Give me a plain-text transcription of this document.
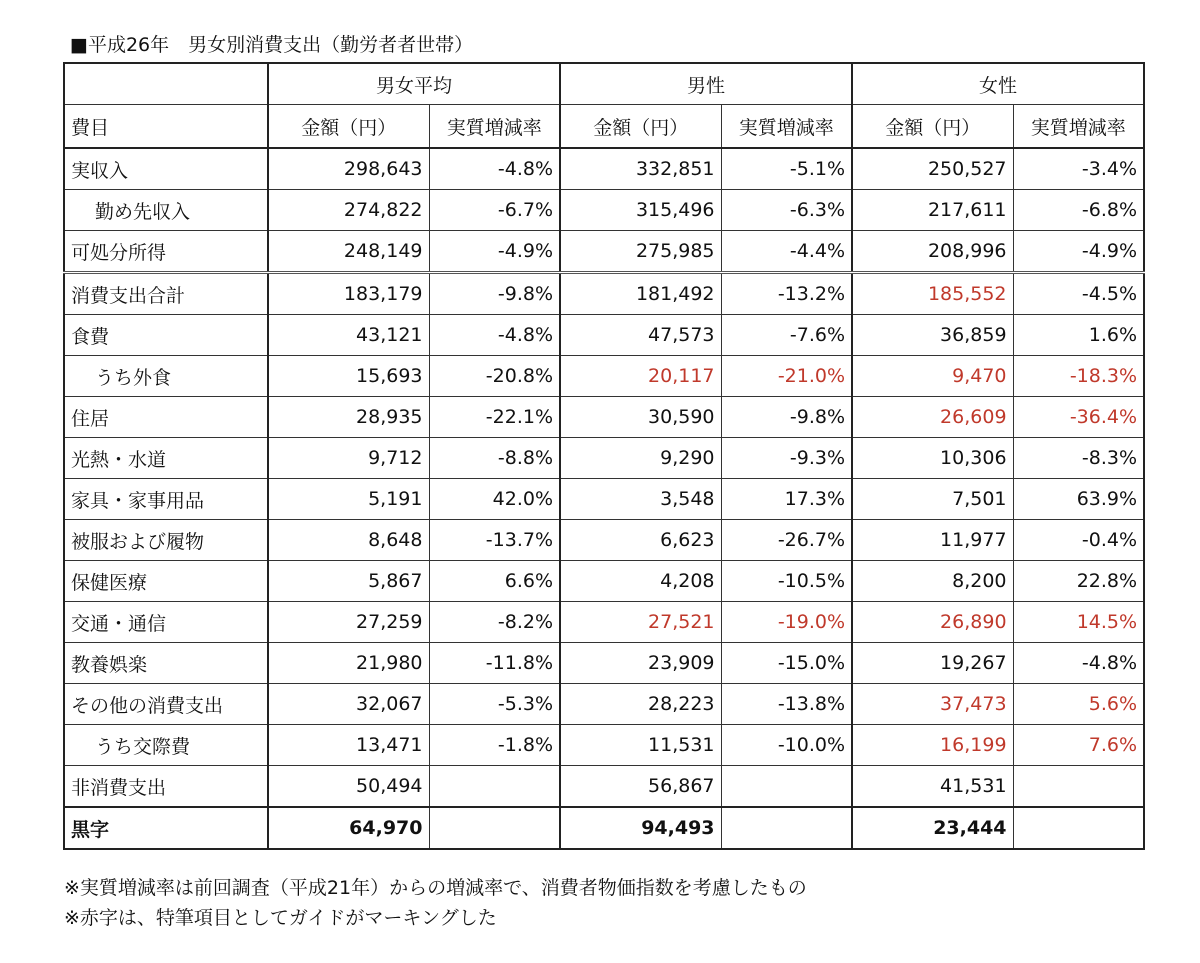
■平成26年　男女別消費支出（勤労者者世帯）
	男女平均		男性		女性	
費目	金額（円）	実質増減率	金額（円）	実質増減率	金額（円）	実質増減率
実収入	298,643	-4.8%	332,851	-5.1%	250,527	-3.4%
勤め先収入	274,822	-6.7%	315,496	-6.3%	217,611	-6.8%
可処分所得	248,149	-4.9%	275,985	-4.4%	208,996	-4.9%
消費支出合計	183,179	-9.8%	181,492	-13.2%	185,552	-4.5%
食費	43,121	-4.8%	47,573	-7.6%	36,859	1.6%
うち外食	15,693	-20.8%	20,117	-21.0%	9,470	-18.3%
住居	28,935	-22.1%	30,590	-9.8%	26,609	-36.4%
光熱・水道	9,712	-8.8%	9,290	-9.3%	10,306	-8.3%
家具・家事用品	5,191	42.0%	3,548	17.3%	7,501	63.9%
被服および履物	8,648	-13.7%	6,623	-26.7%	11,977	-0.4%
保健医療	5,867	6.6%	4,208	-10.5%	8,200	22.8%
交通・通信	27,259	-8.2%	27,521	-19.0%	26,890	14.5%
教養娯楽	21,980	-11.8%	23,909	-15.0%	19,267	-4.8%
その他の消費支出	32,067	-5.3%	28,223	-13.8%	37,473	5.6%
うち交際費	13,471	-1.8%	11,531	-10.0%	16,199	7.6%
非消費支出	50,494		56,867		41,531	
黒字	64,970		94,493		23,444	
※実質増減率は前回調査（平成21年）からの増減率で、消費者物価指数を考慮したもの
※赤字は、特筆項目としてガイドがマーキングした
